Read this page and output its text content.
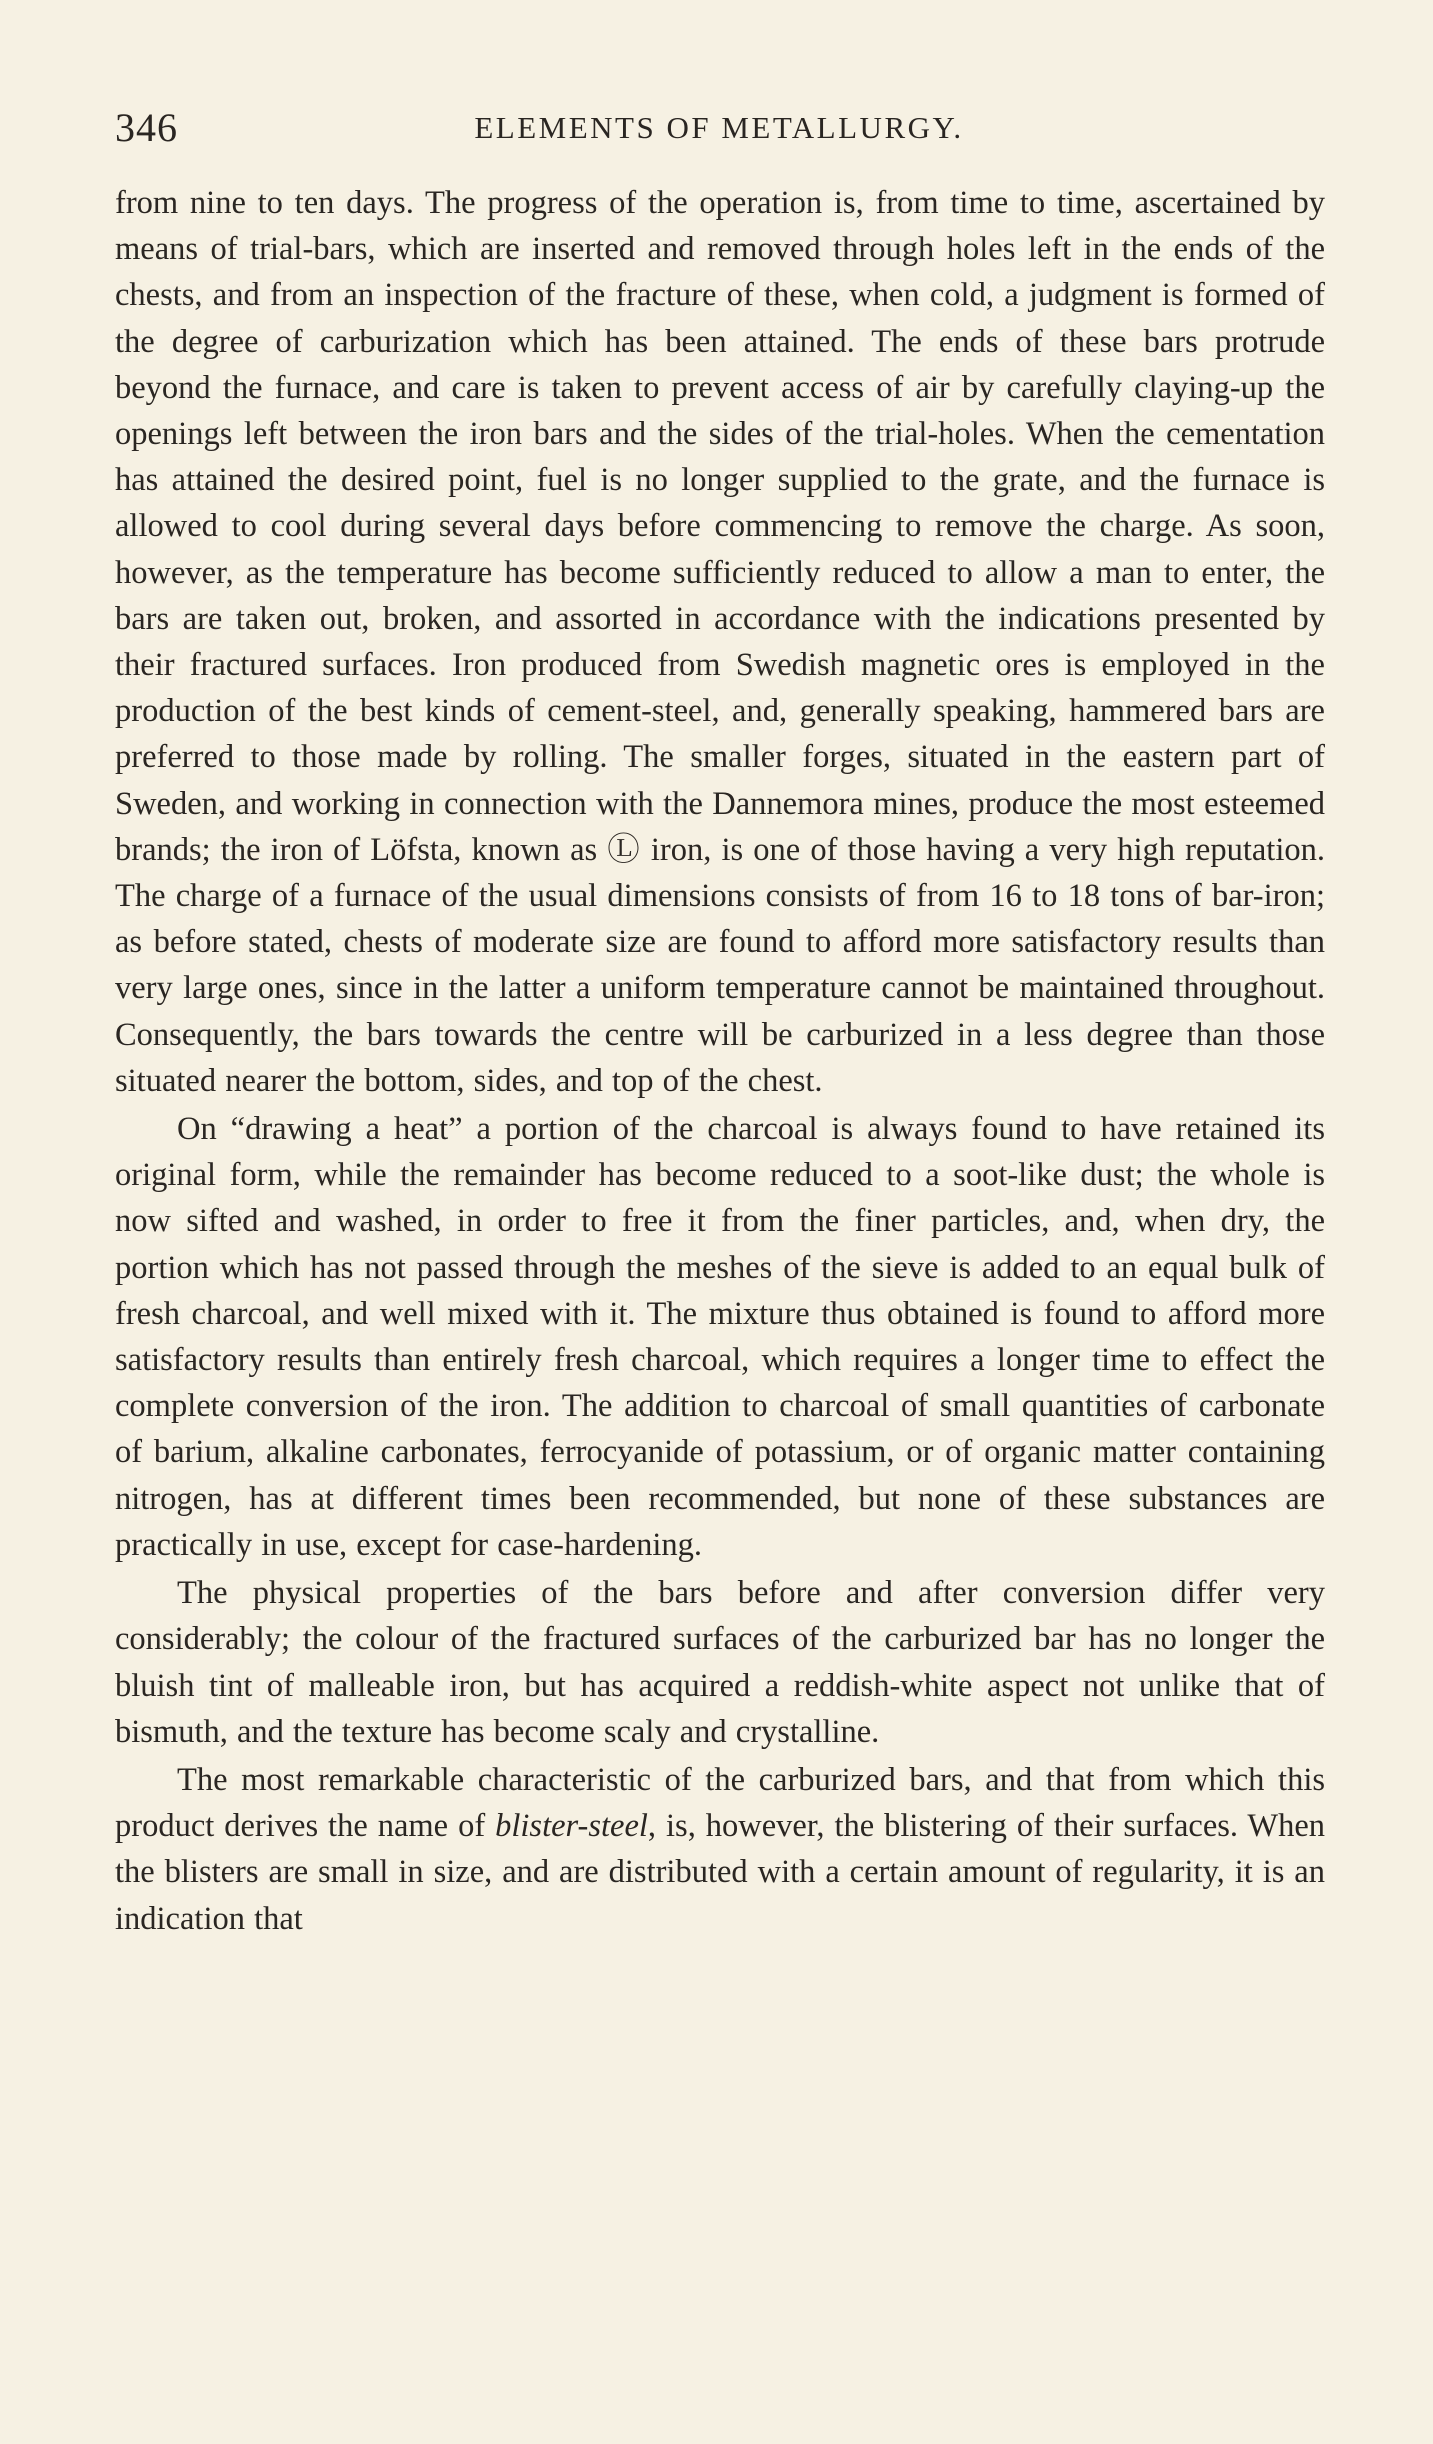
346	ELEMENTS OF METALLURGY.

from nine to ten days. The progress of the operation is, from time to time, ascertained by means of trial-bars, which are inserted and removed through holes left in the ends of the chests, and from an inspection of the fracture of these, when cold, a judgment is formed of the degree of carburization which has been attained. The ends of these bars protrude beyond the furnace, and care is taken to prevent access of air by carefully claying-up the openings left between the iron bars and the sides of the trial-holes. When the cementation has attained the desired point, fuel is no longer supplied to the grate, and the furnace is allowed to cool during several days before commencing to remove the charge. As soon, however, as the temperature has become sufficiently reduced to allow a man to enter, the bars are taken out, broken, and assorted in accordance with the indications presented by their fractured surfaces. Iron produced from Swedish magnetic ores is employed in the production of the best kinds of cement-steel, and, generally speaking, hammered bars are preferred to those made by rolling. The smaller forges, situated in the eastern part of Sweden, and working in connection with the Dannemora mines, produce the most esteemed brands; the iron of Löfsta, known as Ⓛ iron, is one of those having a very high reputation. The charge of a furnace of the usual dimensions consists of from 16 to 18 tons of bar-iron; as before stated, chests of moderate size are found to afford more satisfactory results than very large ones, since in the latter a uniform temperature cannot be maintained throughout. Consequently, the bars towards the centre will be carburized in a less degree than those situated nearer the bottom, sides, and top of the chest.

On “drawing a heat” a portion of the charcoal is always found to have retained its original form, while the remainder has become reduced to a soot-like dust; the whole is now sifted and washed, in order to free it from the finer particles, and, when dry, the portion which has not passed through the meshes of the sieve is added to an equal bulk of fresh charcoal, and well mixed with it. The mixture thus obtained is found to afford more satisfactory results than entirely fresh charcoal, which requires a longer time to effect the complete conversion of the iron. The addition to charcoal of small quantities of carbonate of barium, alkaline carbonates, ferrocyanide of potassium, or of organic matter containing nitrogen, has at different times been recommended, but none of these substances are practically in use, except for case-hardening.

The physical properties of the bars before and after conversion differ very considerably; the colour of the fractured surfaces of the carburized bar has no longer the bluish tint of malleable iron, but has acquired a reddish-white aspect not unlike that of bismuth, and the texture has become scaly and crystalline.

The most remarkable characteristic of the carburized bars, and that from which this product derives the name of blister-steel, is, however, the blistering of their surfaces. When the blisters are small in size, and are distributed with a certain amount of regularity, it is an indication that
